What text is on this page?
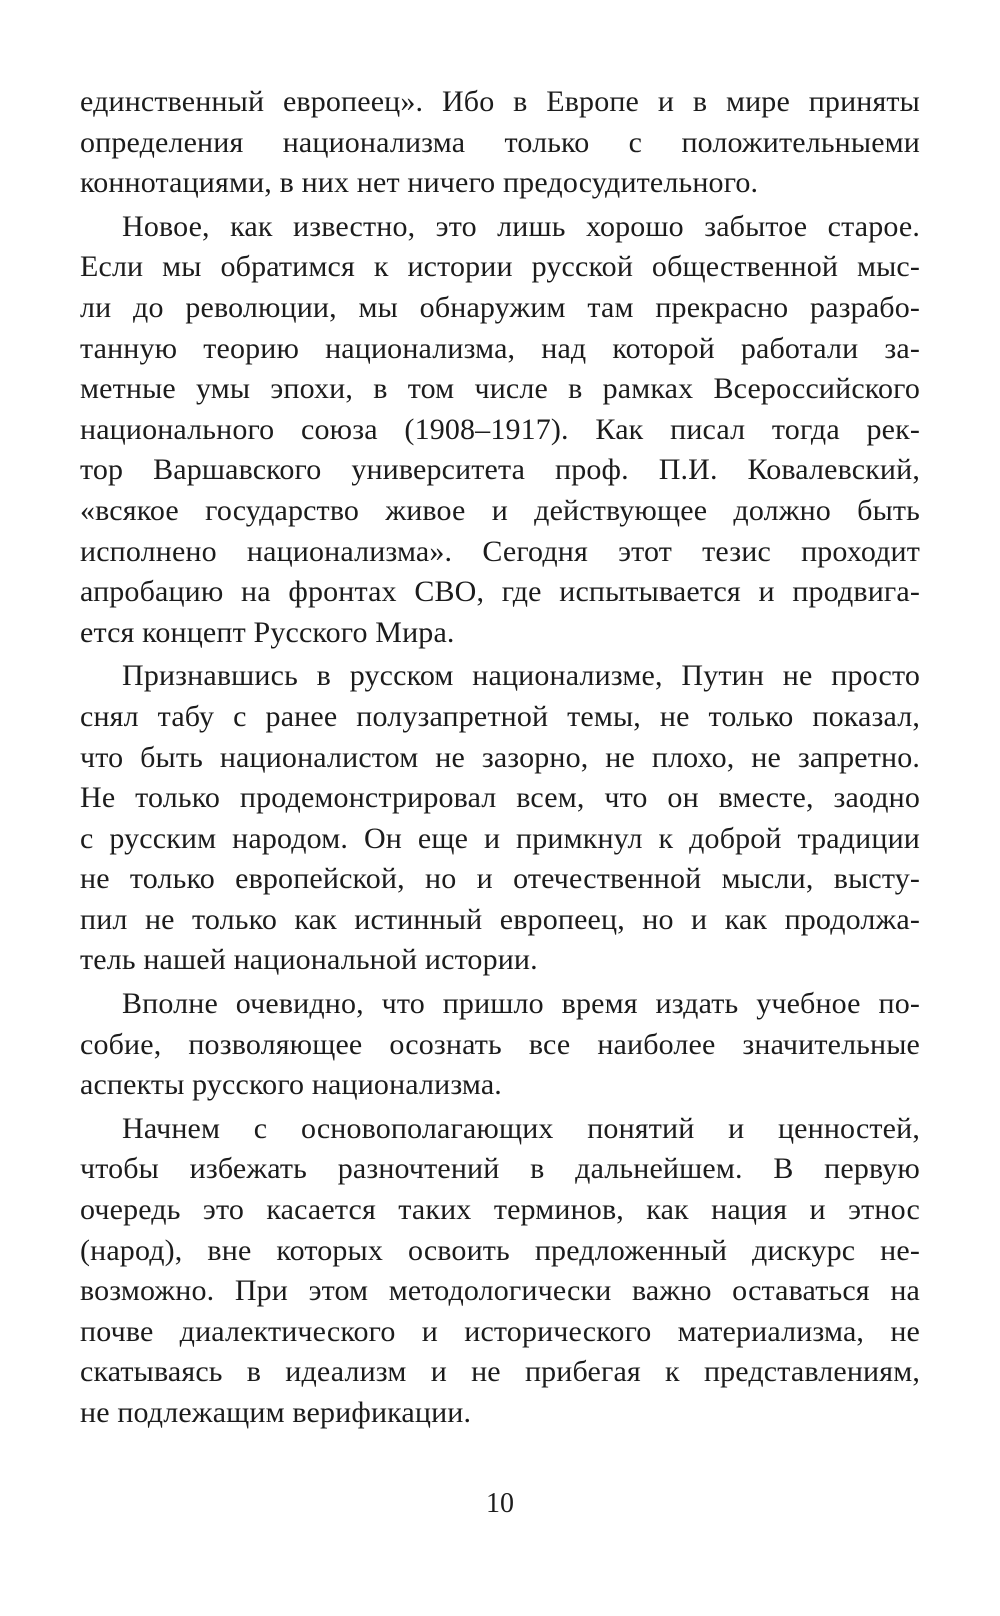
единственный европеец». Ибо в Европе и в мире приняты
определения национализма только с положительныеми
коннотациями, в них нет ничего предосудительного.
Новое, как известно, это лишь хорошо забытое старое.
Если мы обратимся к истории русской общественной мыс-
ли до революции, мы обнаружим там прекрасно разрабо-
танную теорию национализма, над которой работали за-
метные умы эпохи, в том числе в рамках Всероссийского
национального союза (1908–1917). Как писал тогда рек-
тор Варшавского университета проф. П.И. Ковалевский,
«всякое государство живое и действующее должно быть
исполнено национализма». Сегодня этот тезис проходит
апробацию на фронтах СВО, где испытывается и продвига-
ется концепт Русского Мира.
Признавшись в русском национализме, Путин не просто
снял табу с ранее полузапретной темы, не только показал,
что быть националистом не зазорно, не плохо, не запретно.
Не только продемонстрировал всем, что он вместе, заодно
с русским народом. Он еще и примкнул к доброй традиции
не только европейской, но и отечественной мысли, высту-
пил не только как истинный европеец, но и как продолжа-
тель нашей национальной истории.
Вполне очевидно, что пришло время издать учебное по-
собие, позволяющее осознать все наиболее значительные
аспекты русского национализма.
Начнем с основополагающих понятий и ценностей,
чтобы избежать разночтений в дальнейшем. В первую
очередь это касается таких терминов, как нация и этнос
(народ), вне которых освоить предложенный дискурс не-
возможно. При этом методологически важно оставаться на
почве диалектического и исторического материализма, не
скатываясь в идеализм и не прибегая к представлениям,
не подлежащим верификации.
10
